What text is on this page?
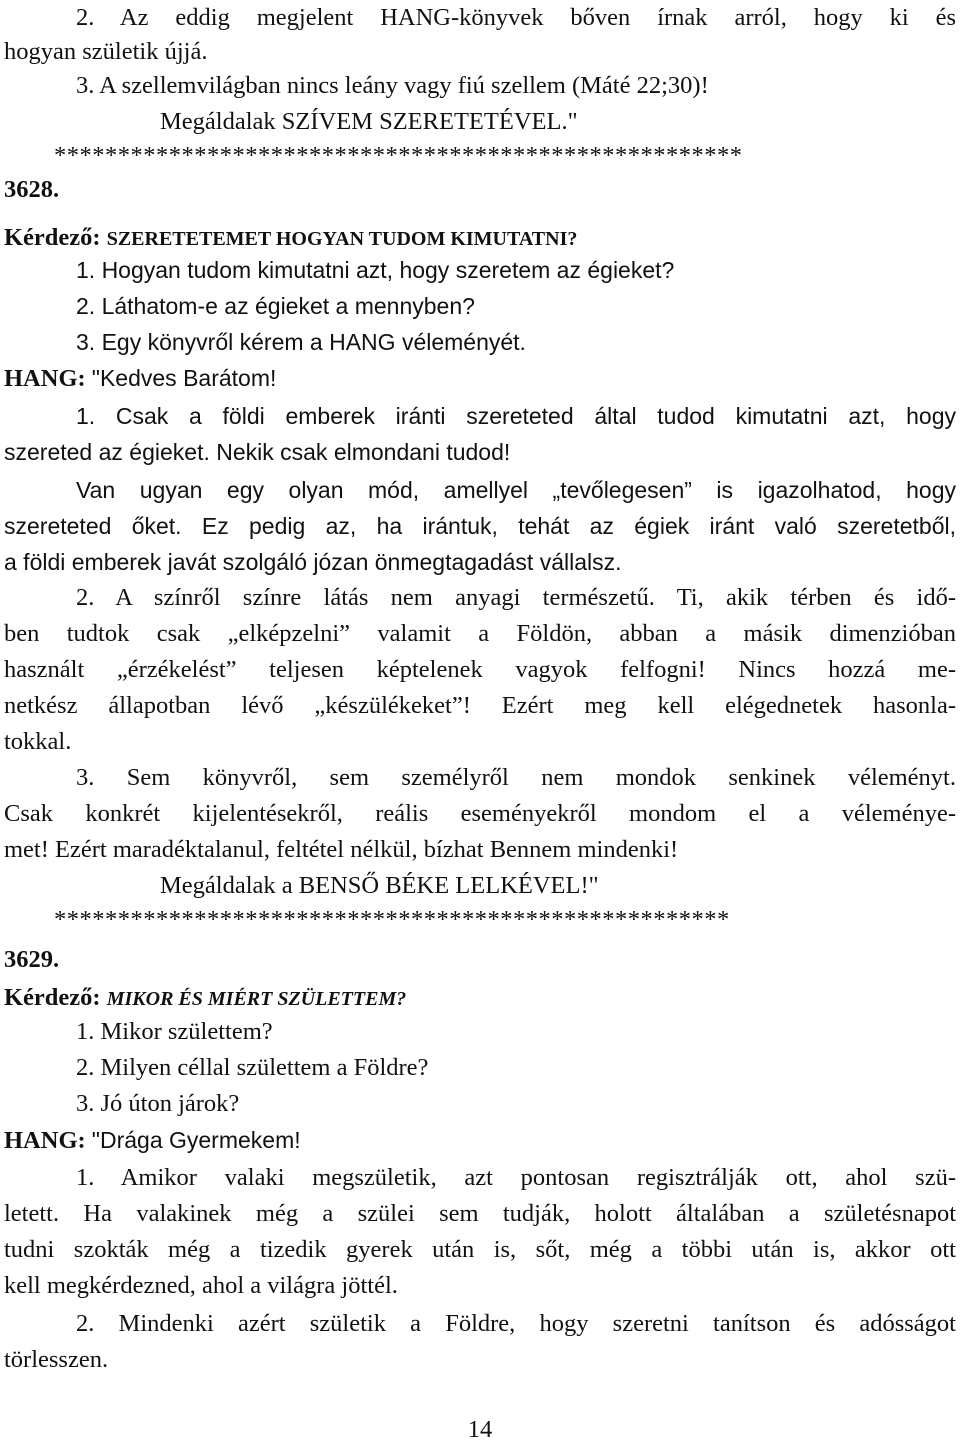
2. Az eddig megjelent HANG-könyvek bőven írnak arról, hogy ki és
hogyan születik újjá.
3. A szellemvilágban nincs leány vagy fiú szellem (Máté 22;30)!
Megáldalak SZÍVEM SZERETETÉVEL."
******************************************************
3628.
Kérdező: SZERETETEMET HOGYAN TUDOM KIMUTATNI?
1. Hogyan tudom kimutatni azt, hogy szeretem az égieket?
2. Láthatom-e az égieket a mennyben?
3. Egy könyvről kérem a HANG véleményét.
HANG: "Kedves Barátom!
1. Csak a földi emberek iránti szereteted által tudod kimutatni azt, hogy
szereted az égieket. Nekik csak elmondani tudod!
Van ugyan egy olyan mód, amellyel „tevőlegesen” is igazolhatod, hogy
szereteted őket. Ez pedig az, ha irántuk, tehát az égiek iránt való szeretetből,
a földi emberek javát szolgáló józan önmegtagadást vállalsz.
2. A színről színre látás nem anyagi természetű. Ti, akik térben és idő-
ben tudtok csak „elképzelni” valamit a Földön, abban a másik dimenzióban
használt „érzékelést” teljesen képtelenek vagyok felfogni! Nincs hozzá me-
netkész állapotban lévő „készülékeket”! Ezért meg kell elégednetek hasonla-
tokkal.
3. Sem könyvről, sem személyről nem mondok senkinek véleményt.
Csak konkrét kijelentésekről, reális eseményekről mondom el a véleménye-
met! Ezért maradéktalanul, feltétel nélkül, bízhat Bennem mindenki!
Megáldalak a BENSŐ BÉKE LELKÉVEL!"
*****************************************************
3629.
Kérdező: MIKOR ÉS MIÉRT SZÜLETTEM?
1. Mikor születtem?
2. Milyen céllal születtem a Földre?
3. Jó úton járok?
HANG: "Drága Gyermekem!
1. Amikor valaki megszületik, azt pontosan regisztrálják ott, ahol szü-
letett. Ha valakinek még a szülei sem tudják, holott általában a születésnapot
tudni szokták még a tizedik gyerek után is, sőt, még a többi után is, akkor ott
kell megkérdezned, ahol a világra jöttél.
2. Mindenki azért születik a Földre, hogy szeretni tanítson és adósságot
törlesszen.
14
